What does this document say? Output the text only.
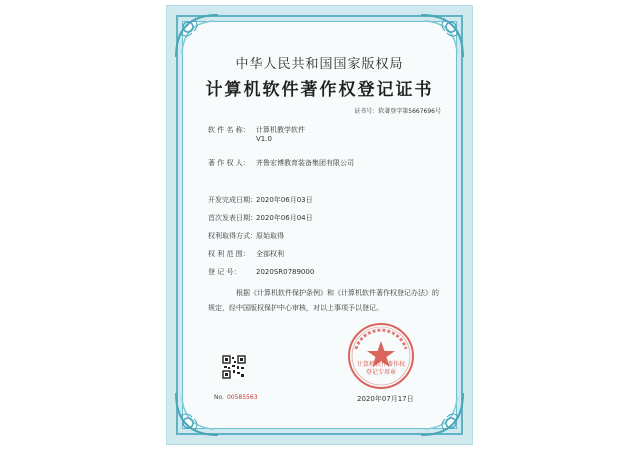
中华人民共和国国家版权局
计算机软件著作权登记证书
证书号：软著登字第5667696号
软 件 名 称： 计算机教学软件
V1.0
著 作 权 人： 齐鲁宏博教育装备集团有限公司
开发完成日期：2020年06月03日
首次发表日期：2020年06月04日
权利取得方式：原始取得
权 利 范 围： 全部权利
登 记 号： 2020SR0789000
根据《计算机软件保护条例》和《计算机软件著作权登记办法》的
规定，经中国版权保护中心审核，对以上事项予以登记。
No. 00585563
计算机软件著作权
登记专用章
2020年07月17日
